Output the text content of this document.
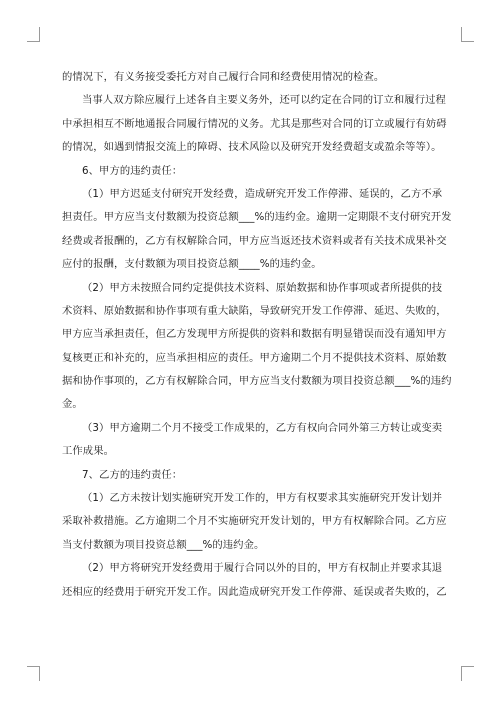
的情况下，有义务接受委托方对自己履行合同和经费使用情况的检查。
当事人双方除应履行上述各自主要义务外，还可以约定在合同的订立和履行过程
中承担相互不断地通报合同履行情况的义务。尤其是那些对合同的订立或履行有妨碍
的情况，如遇到情报交流上的障碍、技术风险以及研究开发经费超支或盈余等等）。
6、甲方的违约责任：
（1）甲方迟延支付研究开发经费，造成研究开发工作停滞、延误的，乙方不承
担责任。甲方应当支付数额为投资总额___%的违约金。逾期一定期限不支付研究开发
经费或者报酬的，乙方有权解除合同，甲方应当返还技术资料或者有关技术成果补交
应付的报酬，支付数额为项目投资总额____%的违约金。
（2）甲方未按照合同约定提供技术资料、原始数据和协作事项或者所提供的技
术资料、原始数据和协作事项有重大缺陷，导致研究开发工作停滞、延迟、失败的，
甲方应当承担责任，但乙方发现甲方所提供的资料和数据有明显错误而没有通知甲方
复核更正和补充的，应当承担相应的责任。甲方逾期二个月不提供技术资料、原始数
据和协作事项的，乙方有权解除合同，甲方应当支付数额为项目投资总额___%的违约
金。
（3）甲方逾期二个月不接受工作成果的，乙方有权向合同外第三方转让或变卖
工作成果。
7、乙方的违约责任：
（1）乙方未按计划实施研究开发工作的，甲方有权要求其实施研究开发计划并
采取补救措施。乙方逾期二个月不实施研究开发计划的，甲方有权解除合同。乙方应
当支付数额为项目投资总额___%的违约金。
（2）甲方将研究开发经费用于履行合同以外的目的，甲方有权制止并要求其退
还相应的经费用于研究开发工作。因此造成研究开发工作停滞、延误或者失败的，乙
